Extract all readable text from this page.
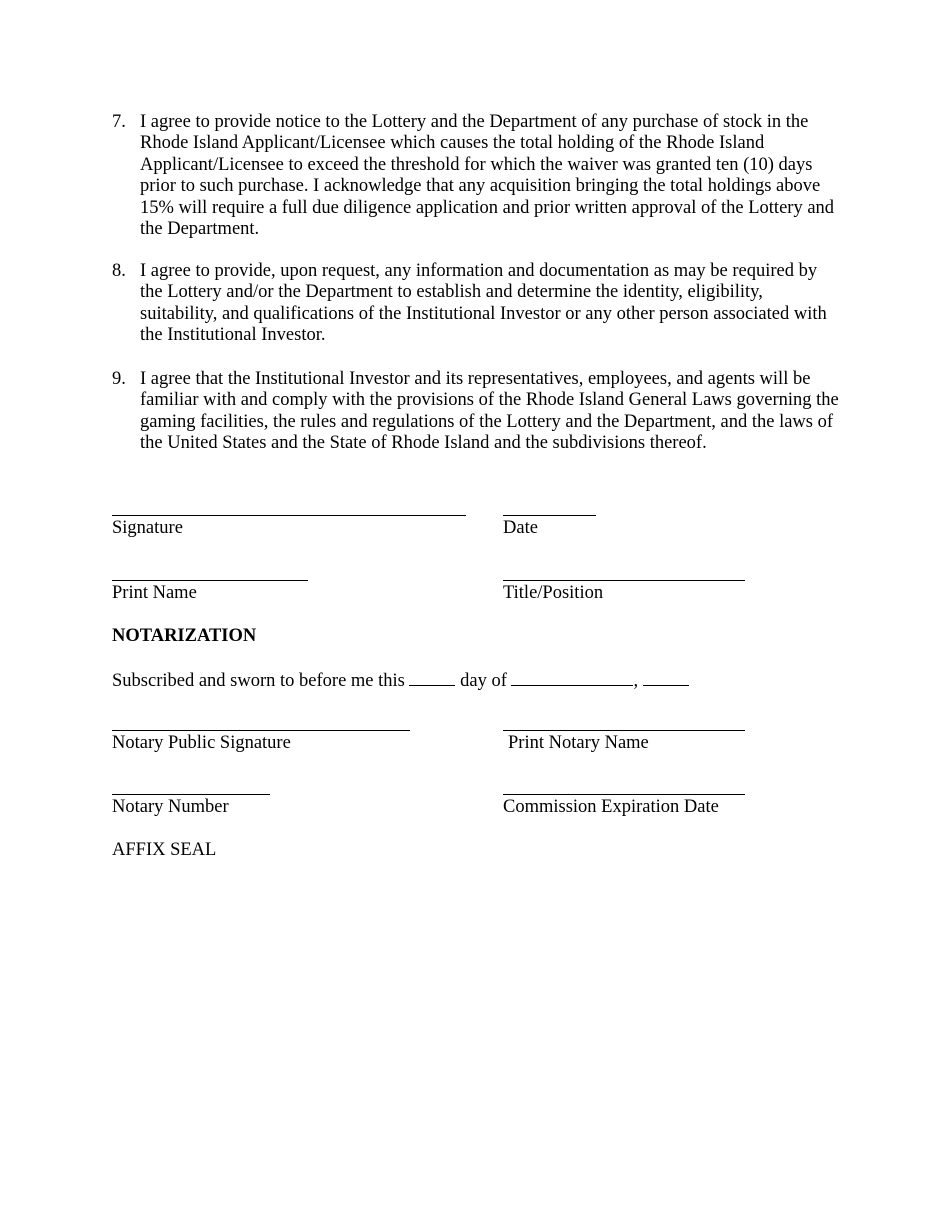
7. I agree to provide notice to the Lottery and the Department of any purchase of stock in the Rhode Island Applicant/Licensee which causes the total holding of the Rhode Island Applicant/Licensee to exceed the threshold for which the waiver was granted ten (10) days prior to such purchase. I acknowledge that any acquisition bringing the total holdings above 15% will require a full due diligence application and prior written approval of the Lottery and the Department.
8. I agree to provide, upon request, any information and documentation as may be required by the Lottery and/or the Department to establish and determine the identity, eligibility, suitability, and qualifications of the Institutional Investor or any other person associated with the Institutional Investor.
9. I agree that the Institutional Investor and its representatives, employees, and agents will be familiar with and comply with the provisions of the Rhode Island General Laws governing the gaming facilities, the rules and regulations of the Lottery and the Department, and the laws of the United States and the State of Rhode Island and the subdivisions thereof.
Signature	Date
Print Name	Title/Position
NOTARIZATION
Subscribed and sworn to before me this	day of	,
Notary Public Signature	Print Notary Name
Notary Number	Commission Expiration Date
AFFIX SEAL
